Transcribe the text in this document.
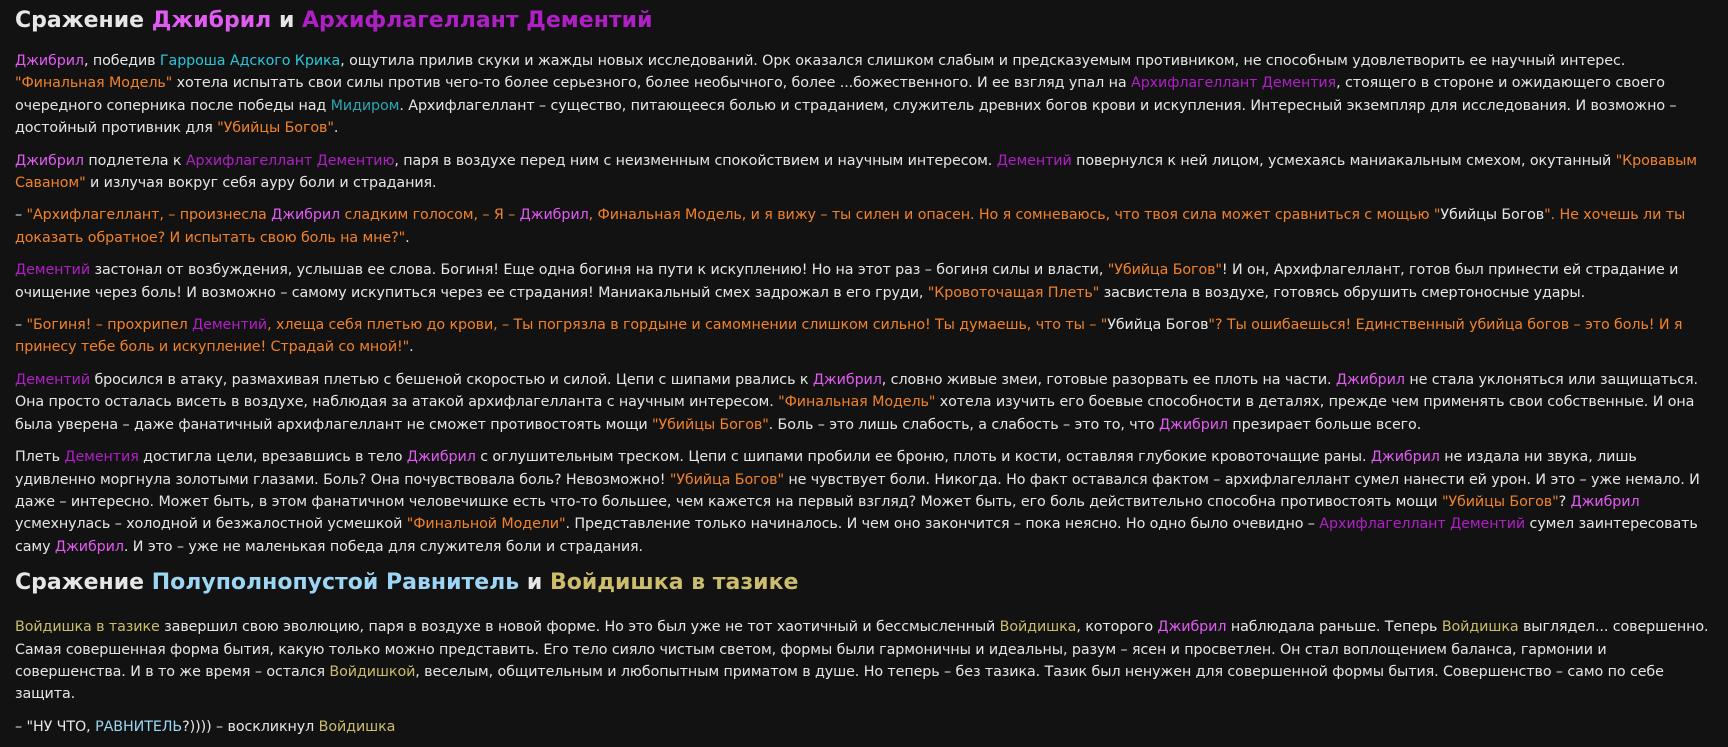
Сражение Джибрил и Архифлагеллант Дементий

Джибрил, победив Гарроша Адского Крика, ощутила прилив скуки и жажды новых исследований. Орк оказался слишком слабым и предсказуемым противником, не способным удовлетворить ее научный интерес. "Финальная Модель" хотела испытать свои силы против чего-то более серьезного, более необычного, более ...божественного. И ее взгляд упал на Архифлагеллант Дементия, стоящего в стороне и ожидающего своего очередного соперника после победы над Мидиром. Архифлагеллант – существо, питающееся болью и страданием, служитель древних богов крови и искупления. Интересный экземпляр для исследования. И возможно – достойный противник для "Убийцы Богов".

Джибрил подлетела к Архифлагеллант Дементию, паря в воздухе перед ним с неизменным спокойствием и научным интересом. Дементий повернулся к ней лицом, усмехаясь маниакальным смехом, окутанный "Кровавым Саваном" и излучая вокруг себя ауру боли и страдания.

– "Архифлагеллант, – произнесла Джибрил сладким голосом, – Я – Джибрил, Финальная Модель, и я вижу – ты силен и опасен. Но я сомневаюсь, что твоя сила может сравниться с мощью "Убийцы Богов". Не хочешь ли ты доказать обратное? И испытать свою боль на мне?".

Дементий застонал от возбуждения, услышав ее слова. Богиня! Еще одна богиня на пути к искуплению! Но на этот раз – богиня силы и власти, "Убийца Богов"! И он, Архифлагеллант, готов был принести ей страдание и очищение через боль! И возможно – самому искупиться через ее страдания! Маниакальный смех задрожал в его груди, "Кровоточащая Плеть" засвистела в воздухе, готовясь обрушить смертоносные удары.

– "Богиня! – прохрипел Дементий, хлеща себя плетью до крови, – Ты погрязла в гордыне и самомнении слишком сильно! Ты думаешь, что ты – "Убийца Богов"? Ты ошибаешься! Единственный убийца богов – это боль! И я принесу тебе боль и искупление! Страдай со мной!".

Дементий бросился в атаку, размахивая плетью с бешеной скоростью и силой. Цепи с шипами рвались к Джибрил, словно живые змеи, готовые разорвать ее плоть на части. Джибрил не стала уклоняться или защищаться. Она просто осталась висеть в воздухе, наблюдая за атакой архифлагелланта с научным интересом. "Финальная Модель" хотела изучить его боевые способности в деталях, прежде чем применять свои собственные. И она была уверена – даже фанатичный архифлагеллант не сможет противостоять мощи "Убийцы Богов". Боль – это лишь слабость, а слабость – это то, что Джибрил презирает больше всего.

Плеть Дементия достигла цели, врезавшись в тело Джибрил с оглушительным треском. Цепи с шипами пробили ее броню, плоть и кости, оставляя глубокие кровоточащие раны. Джибрил не издала ни звука, лишь удивленно моргнула золотыми глазами. Боль? Она почувствовала боль? Невозможно! "Убийца Богов" не чувствует боли. Никогда. Но факт оставался фактом – архифлагеллант сумел нанести ей урон. И это – уже немало. И даже – интересно. Может быть, в этом фанатичном человечишке есть что-то большее, чем кажется на первый взгляд? Может быть, его боль действительно способна противостоять мощи "Убийцы Богов"? Джибрил усмехнулась – холодной и безжалостной усмешкой "Финальной Модели". Представление только начиналось. И чем оно закончится – пока неясно. Но одно было очевидно – Архифлагеллант Дементий сумел заинтересовать саму Джибрил. И это – уже не маленькая победа для служителя боли и страдания.

Сражение Полуполнопустой Равнитель и Войдишка в тазике

Войдишка в тазике завершил свою эволюцию, паря в воздухе в новой форме. Но это был уже не тот хаотичный и бессмысленный Войдишка, которого Джибрил наблюдала раньше. Теперь Войдишка выглядел... совершенно. Самая совершенная форма бытия, какую только можно представить. Его тело сияло чистым светом, формы были гармоничны и идеальны, разум – ясен и просветлен. Он стал воплощением баланса, гармонии и совершенства. И в то же время – остался Войдишкой, веселым, общительным и любопытным приматом в душе. Но теперь – без тазика. Тазик был ненужен для совершенной формы бытия. Совершенство – само по себе защита.

– "НУ ЧТО, РАВНИТЕЛЬ?)))) – воскликнул Войдишка
